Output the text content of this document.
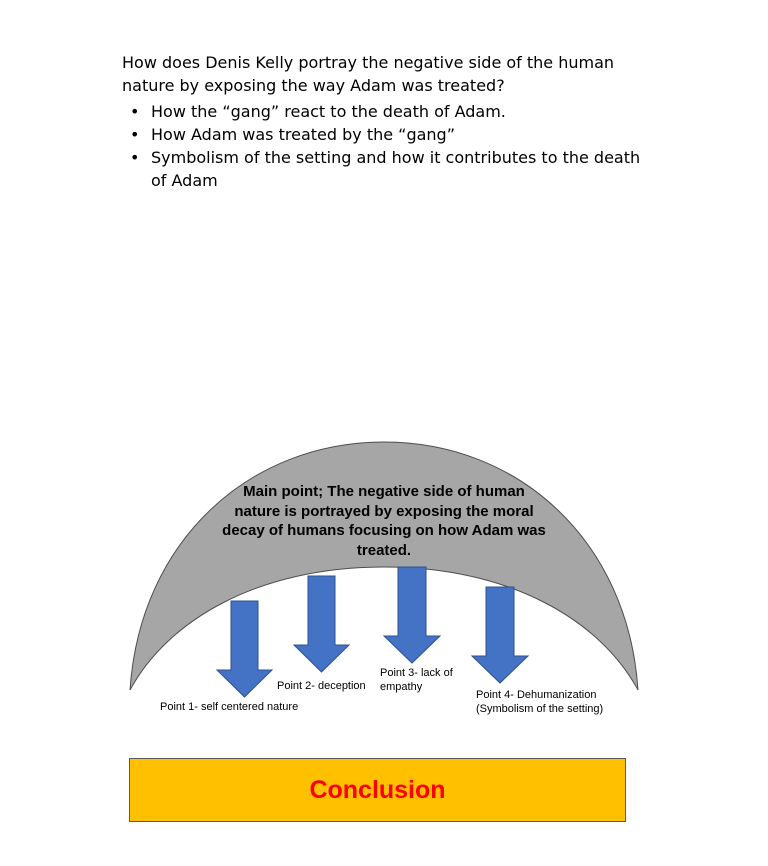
How does Denis Kelly portray the negative side of the human nature by exposing the way Adam was treated?
• How the “gang” react to the death of Adam.
• How Adam was treated by the “gang”
• Symbolism of the setting and how it contributes to the death of Adam
Main point; The negative side of human nature is portrayed by exposing the moral decay of humans focusing on how Adam was treated.
Point 1- self centered nature
Point 2- deception
Point 3- lack of empathy
Point 4- Dehumanization (Symbolism of the setting)
Conclusion
